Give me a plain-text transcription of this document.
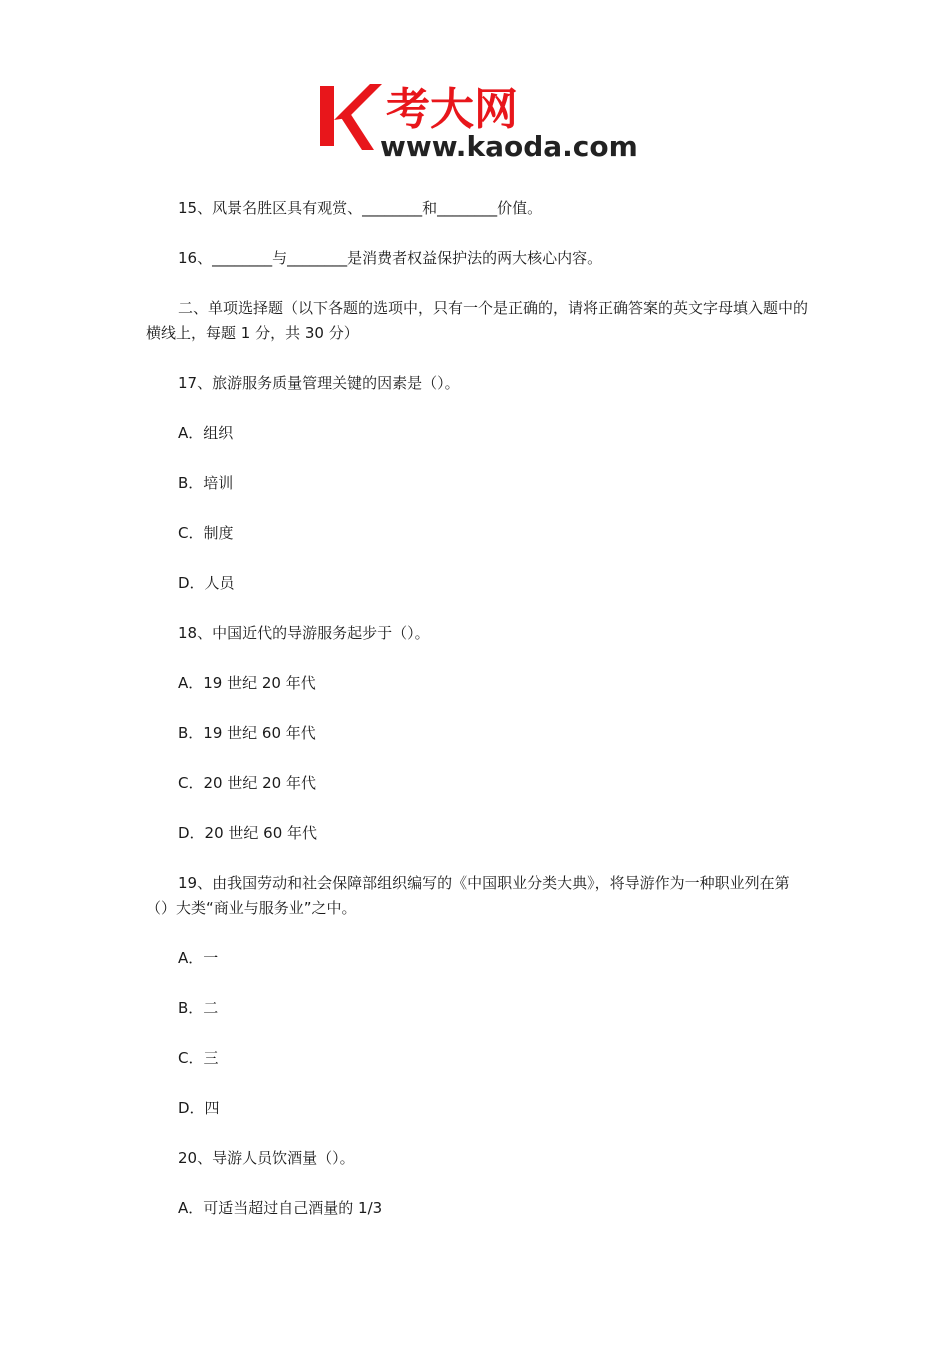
考大网
www.kaoda.com
15、风景名胜区具有观赏、________和________价值。
16、________与________是消费者权益保护法的两大核心内容。
二、单项选择题（以下各题的选项中，只有一个是正确的，请将正确答案的英文字母填入题中的横线上，每题 1 分，共 30 分）
17、旅游服务质量管理关键的因素是（）。
A．组织
B．培训
C．制度
D．人员
18、中国近代的导游服务起步于（）。
A．19 世纪 20 年代
B．19 世纪 60 年代
C．20 世纪 20 年代
D．20 世纪 60 年代
19、由我国劳动和社会保障部组织编写的《中国职业分类大典》，将导游作为一种职业列在第（）大类“商业与服务业”之中。
A．一
B．二
C．三
D．四
20、导游人员饮酒量（）。
A．可适当超过自己酒量的 1/3
